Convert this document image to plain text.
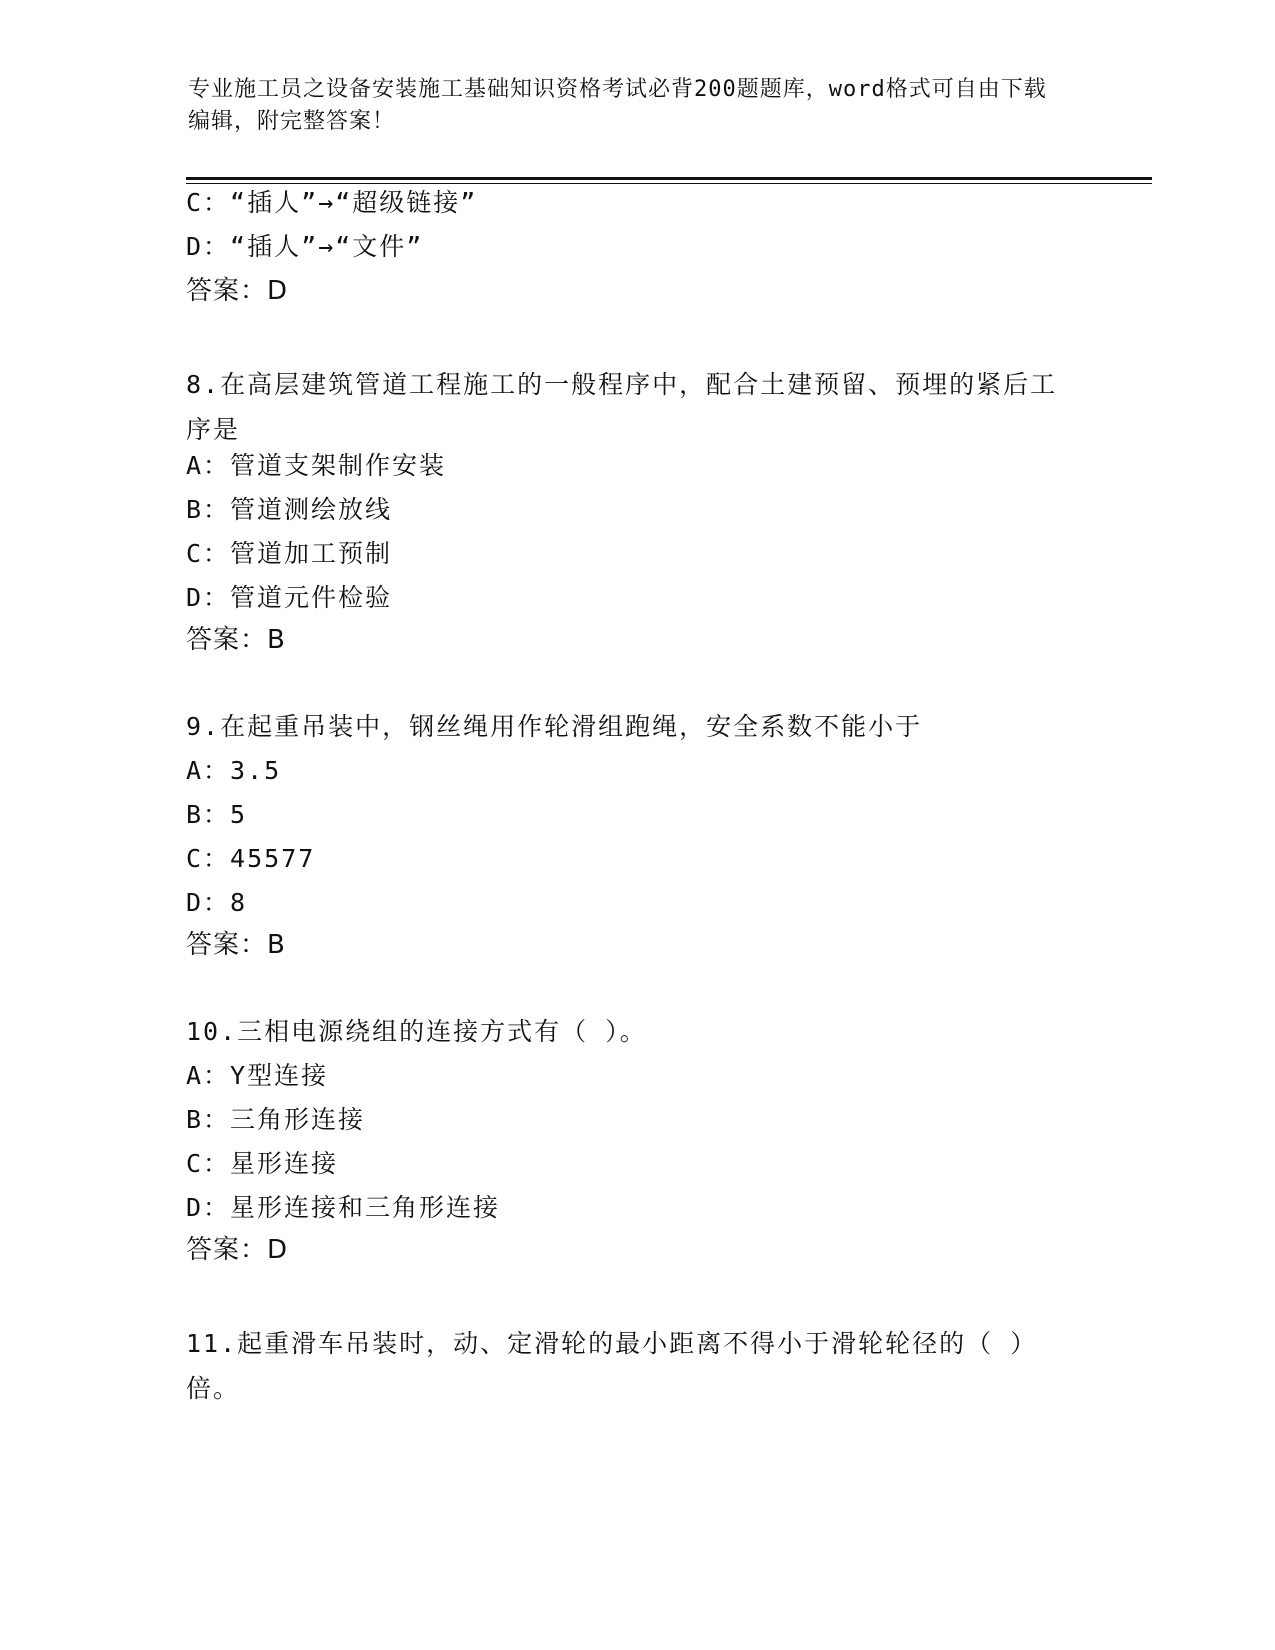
专业施工员之设备安装施工基础知识资格考试必背200题题库，word格式可自由下载编辑，附完整答案！
C：“插人”→“超级链接”
D：“插人”→“文件”
答案：D
8.在高层建筑管道工程施工的一般程序中，配合土建预留、预埋的紧后工序是
A：管道支架制作安装
B：管道测绘放线
C：管道加工预制
D：管道元件检验
答案：B
9.在起重吊装中，钢丝绳用作轮滑组跑绳，安全系数不能小于
A：3.5
B：5
C：45577
D：8
答案：B
10.三相电源绕组的连接方式有（ ）。
A：Y型连接
B：三角形连接
C：星形连接
D：星形连接和三角形连接
答案：D
11.起重滑车吊装时，动、定滑轮的最小距离不得小于滑轮轮径的（ ）倍。
